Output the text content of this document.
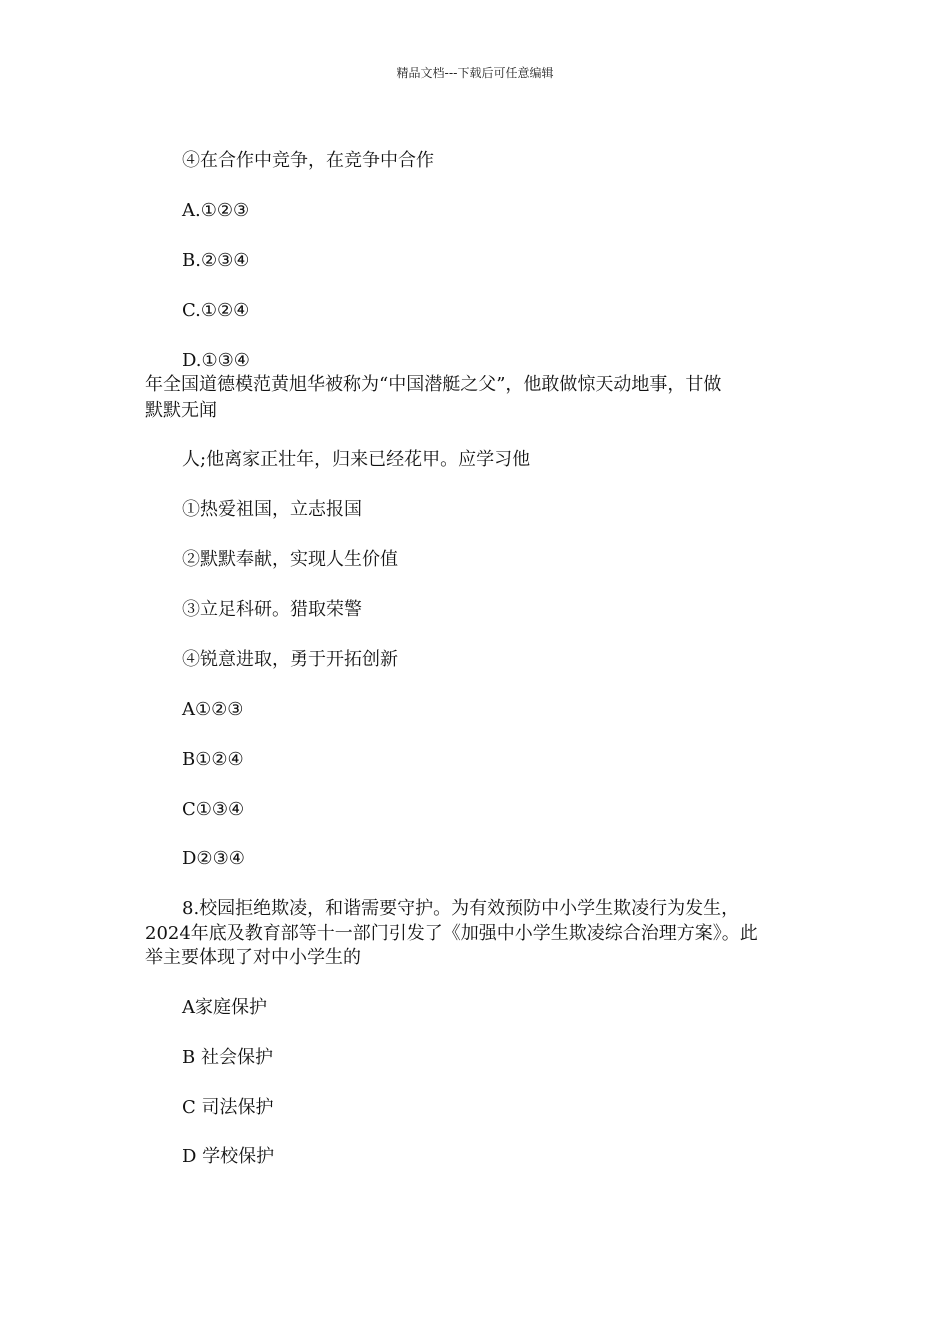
精品文档---下载后可任意编辑
④在合作中竞争，在竞争中合作
A.①②③
B.②③④
C.①②④
D.①③④
年全国道德模范黄旭华被称为“中国潜艇之父”，他敢做惊天动地事，甘做
默默无闻
人;他离家正壮年，归来已经花甲。应学习他
①热爱祖国，立志报国
②默默奉献，实现人生价值
③立足科研。猎取荣警
④锐意进取，勇于开拓创新
A①②③
B①②④
C①③④
D②③④
8.校园拒绝欺凌，和谐需要守护。为有效预防中小学生欺凌行为发生，
2024年底及教育部等十一部门引发了《加强中小学生欺凌综合治理方案》。此
举主要体现了对中小学生的
A家庭保护
B 社会保护
C 司法保护
D 学校保护
